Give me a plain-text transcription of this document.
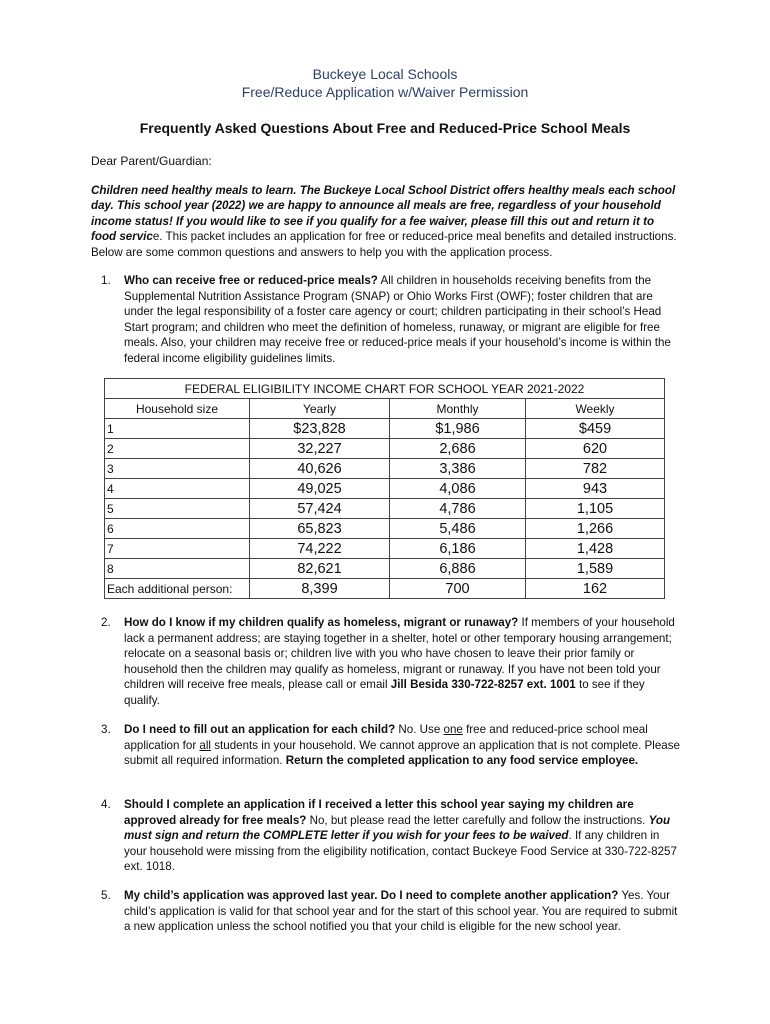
Buckeye Local Schools
Free/Reduce Application w/Waiver Permission
Frequently Asked Questions About Free and Reduced-Price School Meals
Dear Parent/Guardian:
Children need healthy meals to learn. The Buckeye Local School District offers healthy meals each school day. This school year (2022) we are happy to announce all meals are free, regardless of your household income status! If you would like to see if you qualify for a fee waiver, please fill this out and return it to food service. This packet includes an application for free or reduced-price meal benefits and detailed instructions. Below are some common questions and answers to help you with the application process.
1. Who can receive free or reduced-price meals? All children in households receiving benefits from the Supplemental Nutrition Assistance Program (SNAP) or Ohio Works First (OWF); foster children that are under the legal responsibility of a foster care agency or court; children participating in their school’s Head Start program; and children who meet the definition of homeless, runaway, or migrant are eligible for free meals. Also, your children may receive free or reduced-price meals if your household’s income is within the federal income eligibility guidelines limits.
FEDERAL ELIGIBILITY INCOME CHART FOR SCHOOL YEAR 2021-2022			
Household size	Yearly	Monthly	Weekly
1	$23,828	$1,986	$459
2	32,227	2,686	620
3	40,626	3,386	782
4	49,025	4,086	943
5	57,424	4,786	1,105
6	65,823	5,486	1,266
7	74,222	6,186	1,428
8	82,621	6,886	1,589
Each additional person:	8,399	700	162
2. How do I know if my children qualify as homeless, migrant or runaway? If members of your household lack a permanent address; are staying together in a shelter, hotel or other temporary housing arrangement; relocate on a seasonal basis or; children live with you who have chosen to leave their prior family or household then the children may qualify as homeless, migrant or runaway. If you have not been told your children will receive free meals, please call or email Jill Besida 330-722-8257 ext. 1001 to see if they qualify.
3. Do I need to fill out an application for each child? No. Use one free and reduced-price school meal application for all students in your household. We cannot approve an application that is not complete. Please submit all required information. Return the completed application to any food service employee.
4. Should I complete an application if I received a letter this school year saying my children are approved already for free meals? No, but please read the letter carefully and follow the instructions. You must sign and return the COMPLETE letter if you wish for your fees to be waived. If any children in your household were missing from the eligibility notification, contact Buckeye Food Service at 330-722-8257 ext. 1018.
5. My child’s application was approved last year. Do I need to complete another application? Yes. Your child’s application is valid for that school year and for the start of this school year. You are required to submit a new application unless the school notified you that your child is eligible for the new school year.
